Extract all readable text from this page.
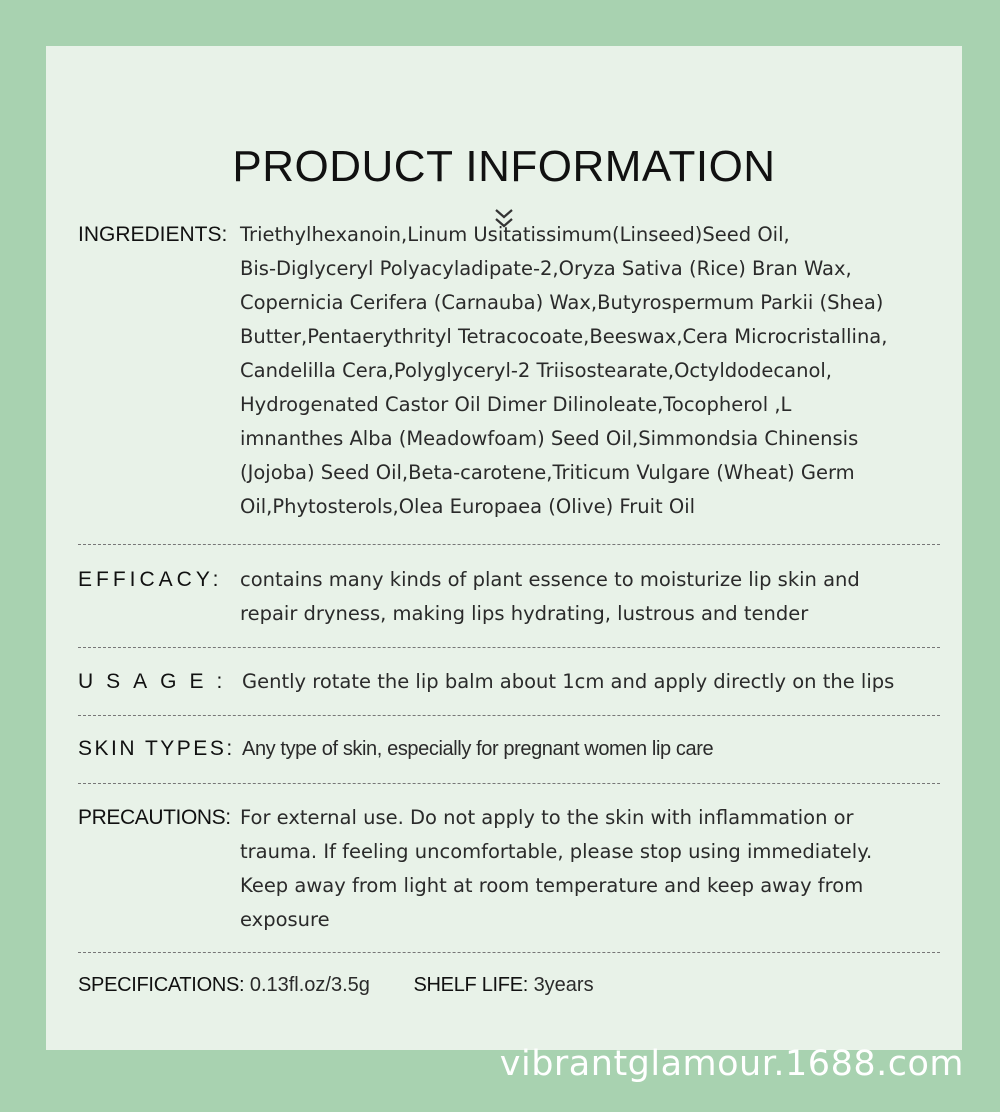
PRODUCT INFORMATION
INGREDIENTS: Triethylhexanoin,Linum Usitatissimum(Linseed)Seed Oil,
Bis-Diglyceryl Polyacyladipate-2,Oryza Sativa (Rice) Bran Wax,
Copernicia Cerifera (Carnauba) Wax,Butyrospermum Parkii (Shea)
Butter,Pentaerythrityl Tetracocoate,Beeswax,Cera Microcristallina,
Candelilla Cera,Polyglyceryl-2 Triisostearate,Octyldodecanol,
Hydrogenated Castor Oil Dimer Dilinoleate,Tocopherol ,L
imnanthes Alba (Meadowfoam) Seed Oil,Simmondsia Chinensis
(Jojoba) Seed Oil,Beta-carotene,Triticum Vulgare (Wheat) Germ
Oil,Phytosterols,Olea Europaea (Olive) Fruit Oil
EFFICACY: contains many kinds of plant essence to moisturize lip skin and
repair dryness, making lips hydrating, lustrous and tender
USAGE: Gently rotate the lip balm about 1cm and apply directly on the lips
SKIN TYPES: Any type of skin, especially for pregnant women lip care
PRECAUTIONS: For external use. Do not apply to the skin with inflammation or
trauma. If feeling uncomfortable, please stop using immediately.
Keep away from light at room temperature and keep away from
exposure
SPECIFICATIONS: 0.13fl.oz/3.5g SHELF LIFE: 3years
vibrantglamour.1688.com
